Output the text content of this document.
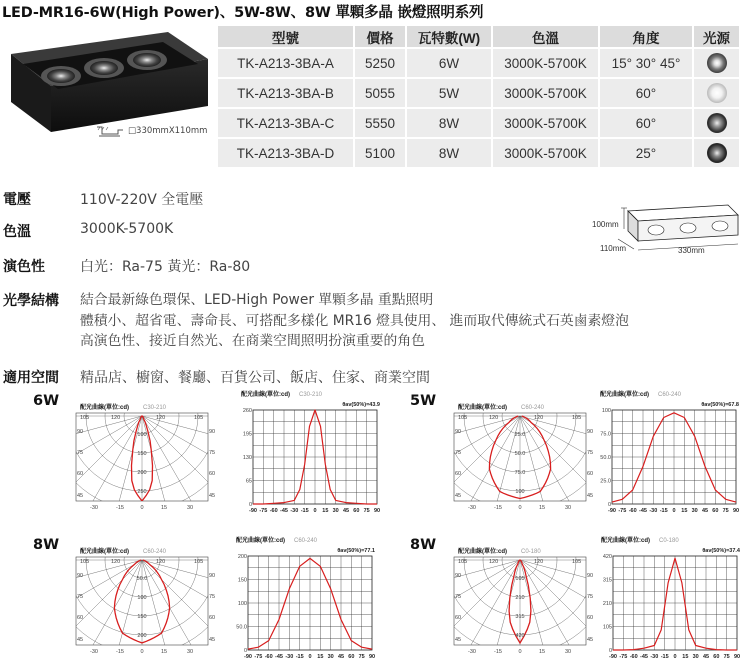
LED-MR16-6W(High Power)、5W-8W、8W 單顆多晶 嵌燈照明系列
□330mmX110mm
型號	價格	瓦特數(W)	色溫	角度	光源
TK-A213-3BA-A	5250	6W	3000K-5700K	15° 30° 45°	
TK-A213-3BA-B	5055	5W	3000K-5700K	60°	
TK-A213-3BA-C	5550	8W	3000K-5700K	60°	
TK-A213-3BA-D	5100	8W	3000K-5700K	25°	
電壓	110V-220V 全電壓
色溫	3000K-5700K
演色性	白光：Ra-75 黃光：Ra-80
光學結構 結合最新綠色環保、LED-High Power 單顆多晶 重點照明
體積小、超省電、壽命長、可搭配多樣化 MR16 燈具使用、 進而取代傳統式石英鹵素燈泡
高演色性、接近自然光、在商業空間照明扮演重要的角色
適用空間 精品店、櫥窗、餐廳、百貨公司、飯店、住家、商業空間
100mm
110mm	330mm
6W	5W
8W	8W
配光曲線(單位:cd) C30-210
105	120	120	105
90
75
60
45
90
75
60
45
-30	-15	0	15	30
100
150
200
250
配光曲線(單位:cd) C30-210
θav(50%)=43.9
260
195
130
65
0
-90 -75 -60 -45 -30 -15 0 15 30 45 60 75 90
配光曲線(單位:cd) C60-240
105	120	120	105
90
75
60
45
90
75
60
45
-30	-15	0	15	30
25.0
50.0
75.0
100
配光曲線(單位:cd) C60-240
θav(50%)=67.8
100
75.0
50.0
25.0
0
-90 -75 -60 -45 -30 -15 0 15 30 45 60 75 90
配光曲線(單位:cd) C60-240
105	120	120	105
90
75
60
45
90
75
60
45
-30	-15	0	15	30
50.0
100
150
200
配光曲線(單位:cd) C60-240
θav(50%)=77.1
200
150
100
50.0
0
-90 -75 -60 -45 -30 -15 0 15 30 45 60 75 90
配光曲線(單位:cd) C0-180
105	120	120	105
90
75
60
45
90
75
60
45
-30	-15	0	15	30
105
210
315
420
配光曲線(單位:cd) C0-180
θav(50%)=37.4
420
315
210
105
0
-90 -75 -60 -45 -30 -15 0 15 30 45 60 75 90
